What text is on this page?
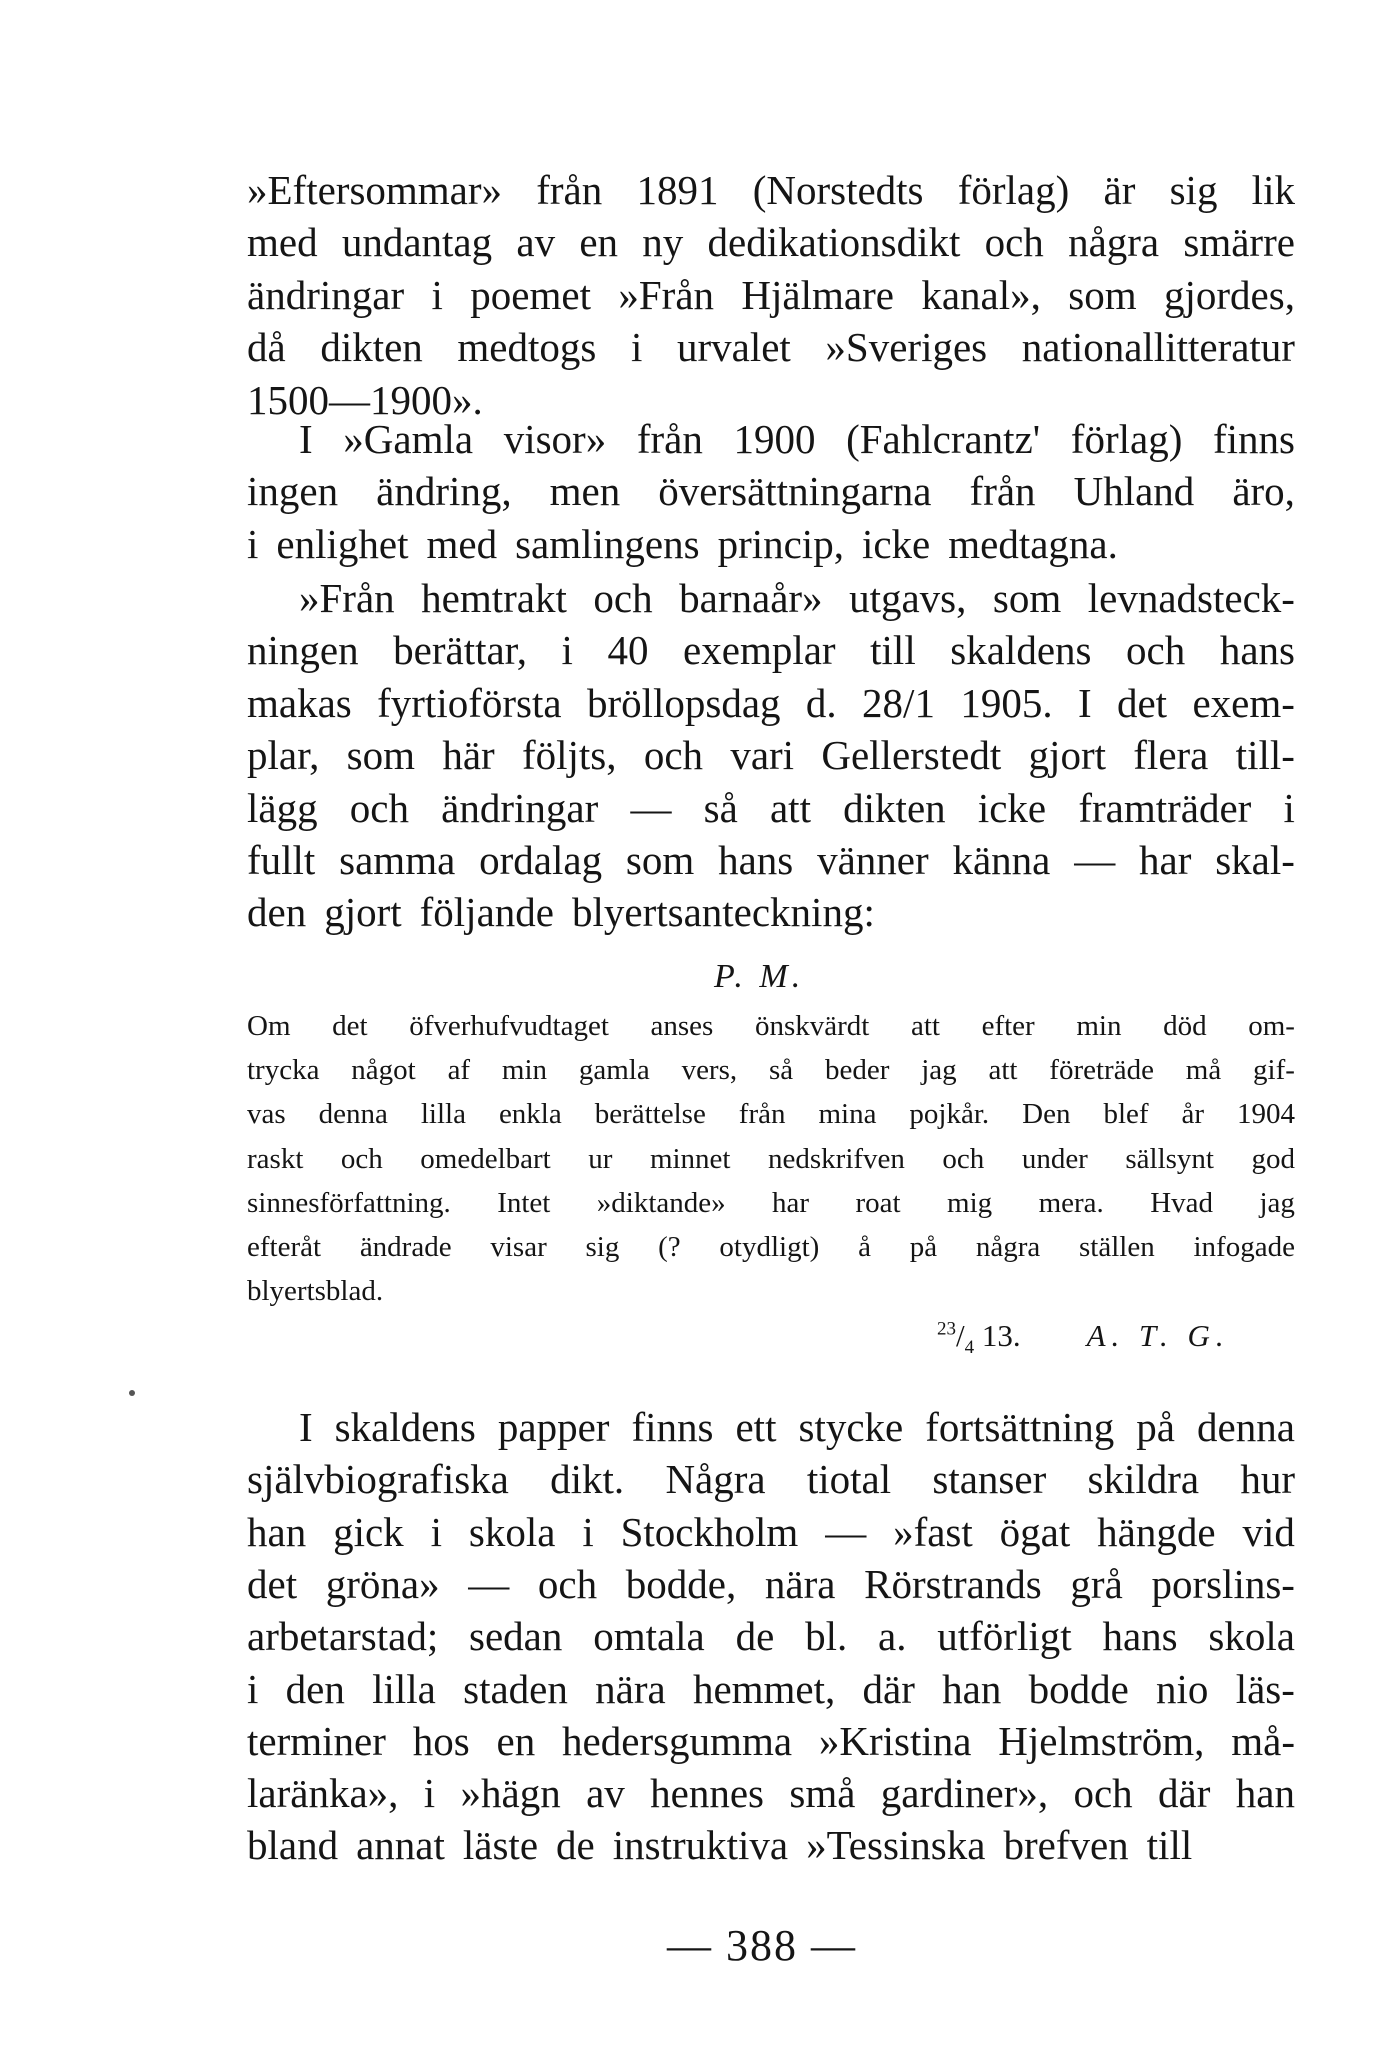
»Eftersommar» från 1891 (Norstedts förlag) är sig lik
med undantag av en ny dedikationsdikt och några smärre
ändringar i poemet »Från Hjälmare kanal», som gjordes,
då dikten medtogs i urvalet »Sveriges nationallitteratur
1500—1900».
I »Gamla visor» från 1900 (Fahlcrantz' förlag) finns
ingen ändring, men översättningarna från Uhland äro,
i enlighet med samlingens princip, icke medtagna.
»Från hemtrakt och barnaår» utgavs, som levnadsteck-
ningen berättar, i 40 exemplar till skaldens och hans
makas fyrtioförsta bröllopsdag d. 28/1 1905. I det exem-
plar, som här följts, och vari Gellerstedt gjort flera till-
lägg och ändringar — så att dikten icke framträder i
fullt samma ordalag som hans vänner känna — har skal-
den gjort följande blyertsanteckning:
P. M.
Om det öfverhufvudtaget anses önskvärdt att efter min död om-
trycka något af min gamla vers, så beder jag att företräde må gif-
vas denna lilla enkla berättelse från mina pojkår. Den blef år 1904
raskt och omedelbart ur minnet nedskrifven och under sällsynt god
sinnesförfattning. Intet »diktande» har roat mig mera. Hvad jag
efteråt ändrade visar sig (? otydligt) å på några ställen infogade
blyertsblad.
$^{23}/_4$ 13. A. T. G.
I skaldens papper finns ett stycke fortsättning på denna
självbiografiska dikt. Några tiotal stanser skildra hur
han gick i skola i Stockholm — »fast ögat hängde vid
det gröna» — och bodde, nära Rörstrands grå porslins-
arbetarstad; sedan omtala de bl. a. utförligt hans skola
i den lilla staden nära hemmet, där han bodde nio läs-
terminer hos en hedersgumma »Kristina Hjelmström, må-
laränka», i »hägn av hennes små gardiner», och där han
bland annat läste de instruktiva »Tessinska brefven till
— 388 —
